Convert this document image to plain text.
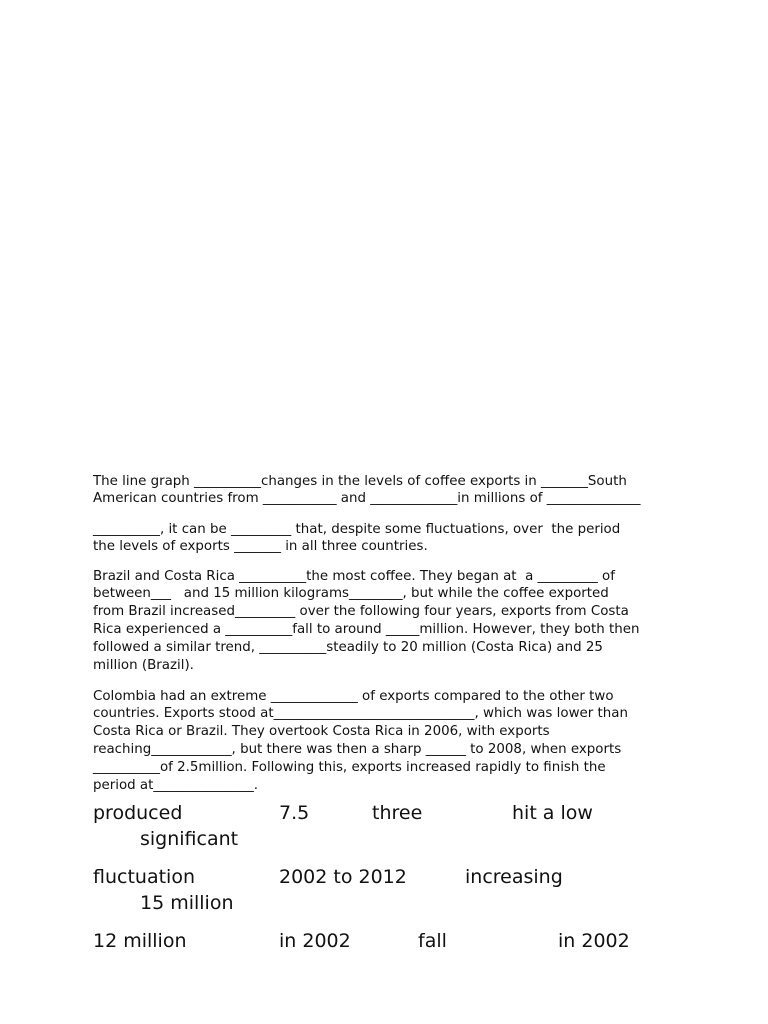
The line graph __________changes in the levels of coffee exports in _______South
American countries from ___________ and _____________in millions of ______________

__________, it can be _________ that, despite some fluctuations, over  the period
the levels of exports _______ in all three countries.

Brazil and Costa Rica __________the most coffee. They began at  a _________ of
between___   and 15 million kilograms________, but while the coffee exported
from Brazil increased_________ over the following four years, exports from Costa
Rica experienced a __________fall to around _____million. However, they both then
followed a similar trend, __________steadily to 20 million (Costa Rica) and 25
million (Brazil).

Colombia had an extreme _____________ of exports compared to the other two
countries. Exports stood at______________________________, which was lower than
Costa Rica or Brazil. They overtook Costa Rica in 2006, with exports
reaching____________, but there was then a sharp ______ to 2008, when exports
__________of 2.5million. Following this, exports increased rapidly to finish the
period at_______________.

produced	7.5	three	hit a low
significant
fluctuation	2002 to 2012	increasing
15 million
12 million	in 2002	fall	in 2002
